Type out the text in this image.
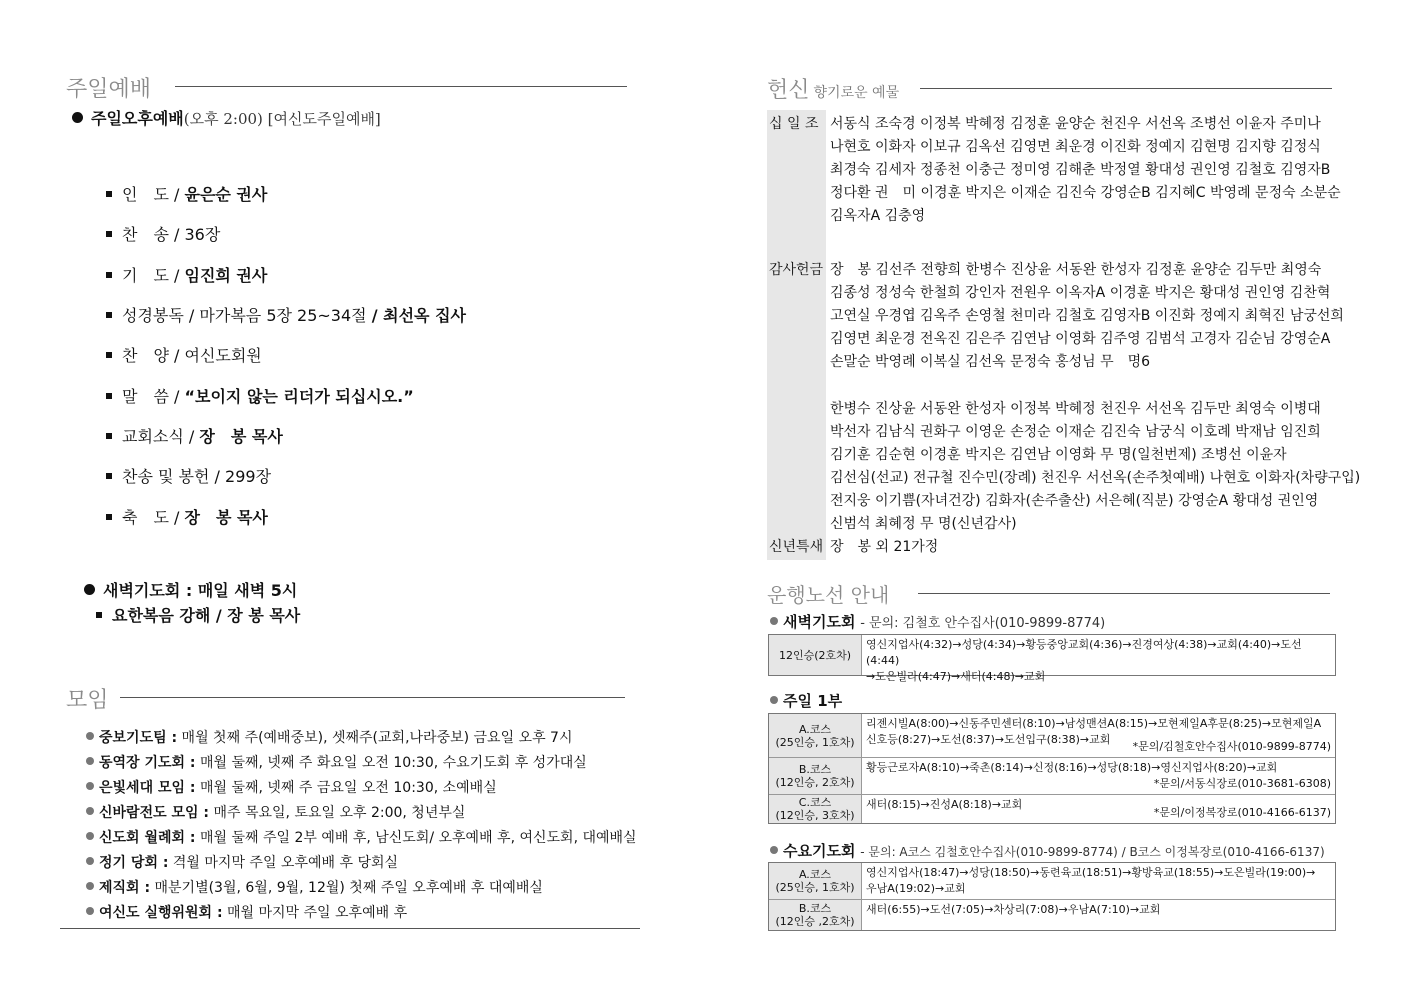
주일예배
주일오후예배(오후 2:00) [여신도주일예배]
인　도 / 윤은순 권사
찬　송 / 36장
기　도 / 임진희 권사
성경봉독 / 마가복음 5장 25~34절 / 최선옥 집사
찬　양 / 여신도회원
말　씀 / “보이지 않는 리더가 되십시오.”
교회소식 / 장　봉 목사
찬송 및 봉헌 / 299장
축　도 / 장　봉 목사
새벽기도회 : 매일 새벽 5시
요한복음 강해 / 장 봉 목사
모임
중보기도팀 : 매월 첫째 주(예배중보), 셋째주(교회,나라중보) 금요일 오후 7시
동역장 기도회 : 매월 둘째, 넷째 주 화요일 오전 10:30, 수요기도회 후 성가대실
은빛세대 모임 : 매월 둘째, 넷째 주 금요일 오전 10:30, 소예배실
신바람전도 모임 : 매주 목요일, 토요일 오후 2:00, 청년부실
신도회 월례회 : 매월 둘째 주일 2부 예배 후, 남신도회/ 오후예배 후, 여신도회, 대예배실
정기 당회 : 격월 마지막 주일 오후예배 후 당회실
제직회 : 매분기별(3월, 6월, 9월, 12월) 첫째 주일 오후예배 후 대예배실
여신도 실행위원회 : 매월 마지막 주일 오후예배 후
헌신 향기로운 예물
십 일 조 서동식 조숙경 이정복 박혜정 김정훈 윤양순 천진우 서선옥 조병선 이윤자 주미나
나현호 이화자 이보규 김옥선 김영면 최운경 이진화 정예지 김현명 김지향 김정식
최경숙 김세자 정종천 이충근 정미영 김해춘 박정열 황대성 권인영 김철호 김영자B
정다환 권　미 이경훈 박지은 이재순 김진숙 강영순B 김지혜C 박영례 문정숙 소분순
김옥자A 김충영
감사헌금 장　봉 김선주 전향희 한병수 진상윤 서동완 한성자 김정훈 윤양순 김두만 최영숙
김종성 정성숙 한철희 강인자 전원우 이옥자A 이경훈 박지은 황대성 권인영 김찬혁
고연실 우경엽 김옥주 손영철 천미라 김철호 김영자B 이진화 정예지 최혁진 남궁선희
김영면 최운경 전옥진 김은주 김연남 이영화 김주영 김범석 고경자 김순님 강영순A
손말순 박영례 이복실 김선옥 문정숙 홍성님 무　명6
한병수 진상윤 서동완 한성자 이정복 박혜정 천진우 서선옥 김두만 최영숙 이병대
박선자 김남식 권화구 이영운 손정순 이재순 김진숙 남궁식 이호례 박재남 임진희
김기훈 김순현 이경훈 박지은 김연남 이영화 무 명(일천번제) 조병선 이윤자
김선심(선교) 전규철 진수민(장례) 천진우 서선옥(손주첫예배) 나현호 이화자(차량구입)
전지웅 이기쁨(자녀건강) 김화자(손주출산) 서은혜(직분) 강영순A 황대성 권인영
신범석 최혜정 무 명(신년감사)
신년특새 장　봉 외 21가정
운행노선 안내
새벽기도회 - 문의: 김철호 안수집사(010-9899-8774)
12인승(2호차)
영신지업사(4:32)→성당(4:34)→황등중앙교회(4:36)→진경여상(4:38)→교회(4:40)→도선(4:44)
→도은빌라(4:47)→새터(4:48)→교회
주일 1부
A.코스
(25인승, 1호차)
리젠시빌A(8:00)→신동주민센터(8:10)→남성맨션A(8:15)→모현제일A후문(8:25)→모현제일A
신호등(8:27)→도선(8:37)→도선입구(8:38)→교회
*문의/김철호안수집사(010-9899-8774)
B.코스
(12인승, 2호차)
황등근로자A(8:10)→죽촌(8:14)→신정(8:16)→성당(8:18)→영신지업사(8:20)→교회
*문의/서동식장로(010-3681-6308)
C.코스
(12인승, 3호차)
새터(8:15)→진성A(8:18)→교회
*문의/이정복장로(010-4166-6137)
수요기도회 - 문의: A코스 김철호안수집사(010-9899-8774) / B코스 이정복장로(010-4166-6137)
A.코스
(25인승, 1호차)
영신지업사(18:47)→성당(18:50)→동련육교(18:51)→황방육교(18:55)→도은빌라(19:00)→
우남A(19:02)→교회
B.코스
(12인승 ,2호차)
새터(6:55)→도선(7:05)→차상리(7:08)→우남A(7:10)→교회
